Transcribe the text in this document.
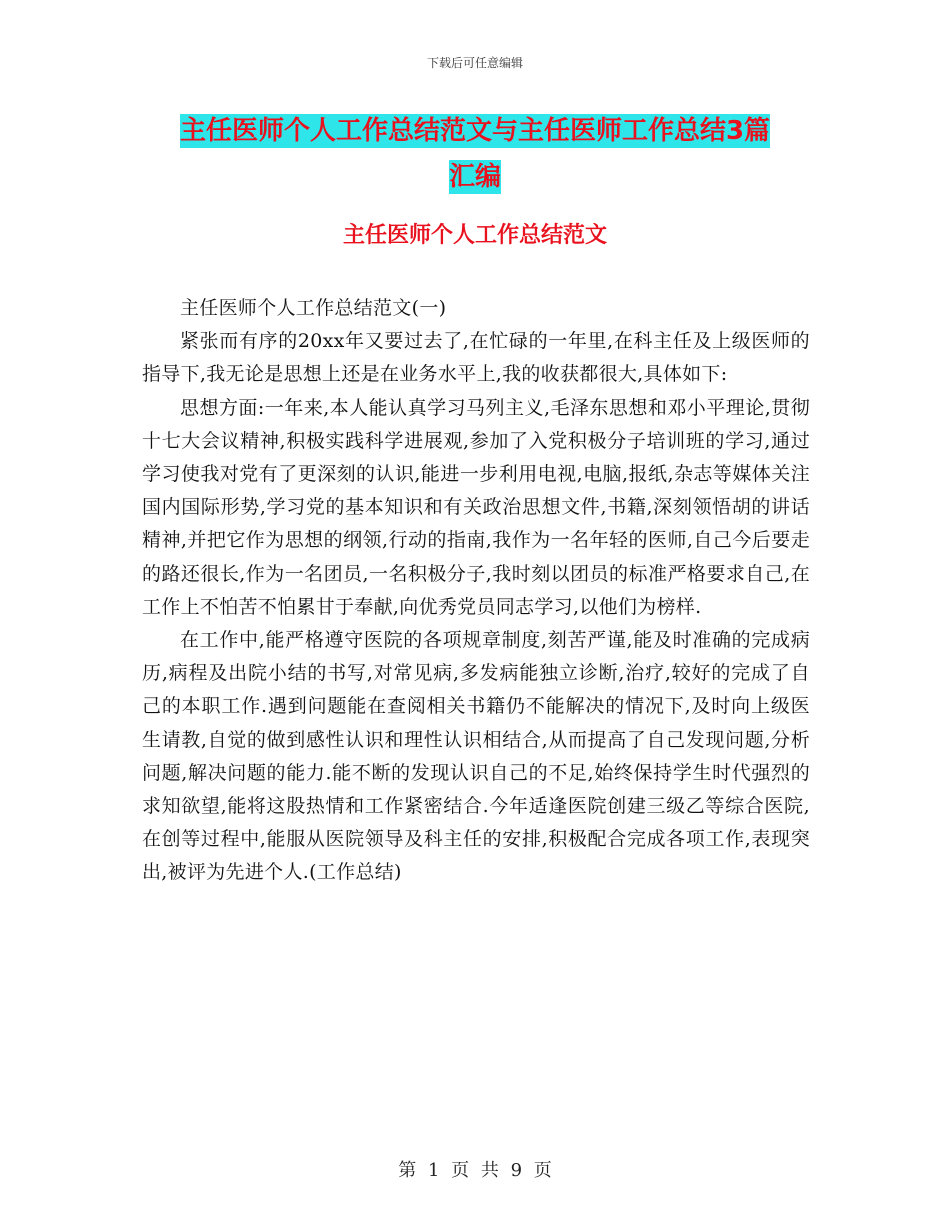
下载后可任意编辑
主任医师个人工作总结范文与主任医师工作总结3篇
汇编
主任医师个人工作总结范文

主任医师个人工作总结范文(一)

紧张而有序的20xx年又要过去了,在忙碌的一年里,在科主任及上级医师的指导下,我无论是思想上还是在业务水平上,我的收获都很大,具体如下:

思想方面:一年来,本人能认真学习马列主义,毛泽东思想和邓小平理论,贯彻十七大会议精神,积极实践科学进展观,参加了入党积极分子培训班的学习,通过学习使我对党有了更深刻的认识,能进一步利用电视,电脑,报纸,杂志等媒体关注国内国际形势,学习党的基本知识和有关政治思想文件,书籍,深刻领悟胡的讲话精神,并把它作为思想的纲领,行动的指南,我作为一名年轻的医师,自己今后要走的路还很长,作为一名团员,一名积极分子,我时刻以团员的标准严格要求自己,在工作上不怕苦不怕累甘于奉献,向优秀党员同志学习,以他们为榜样.

在工作中,能严格遵守医院的各项规章制度,刻苦严谨,能及时准确的完成病历,病程及出院小结的书写,对常见病,多发病能独立诊断,治疗,较好的完成了自己的本职工作.遇到问题能在查阅相关书籍仍不能解决的情况下,及时向上级医生请教,自觉的做到感性认识和理性认识相结合,从而提高了自己发现问题,分析问题,解决问题的能力.能不断的发现认识自己的不足,始终保持学生时代强烈的求知欲望,能将这股热情和工作紧密结合.今年适逢医院创建三级乙等综合医院,在创等过程中,能服从医院领导及科主任的安排,积极配合完成各项工作,表现突出,被评为先进个人.(工作总结)

第 1 页 共 9 页
